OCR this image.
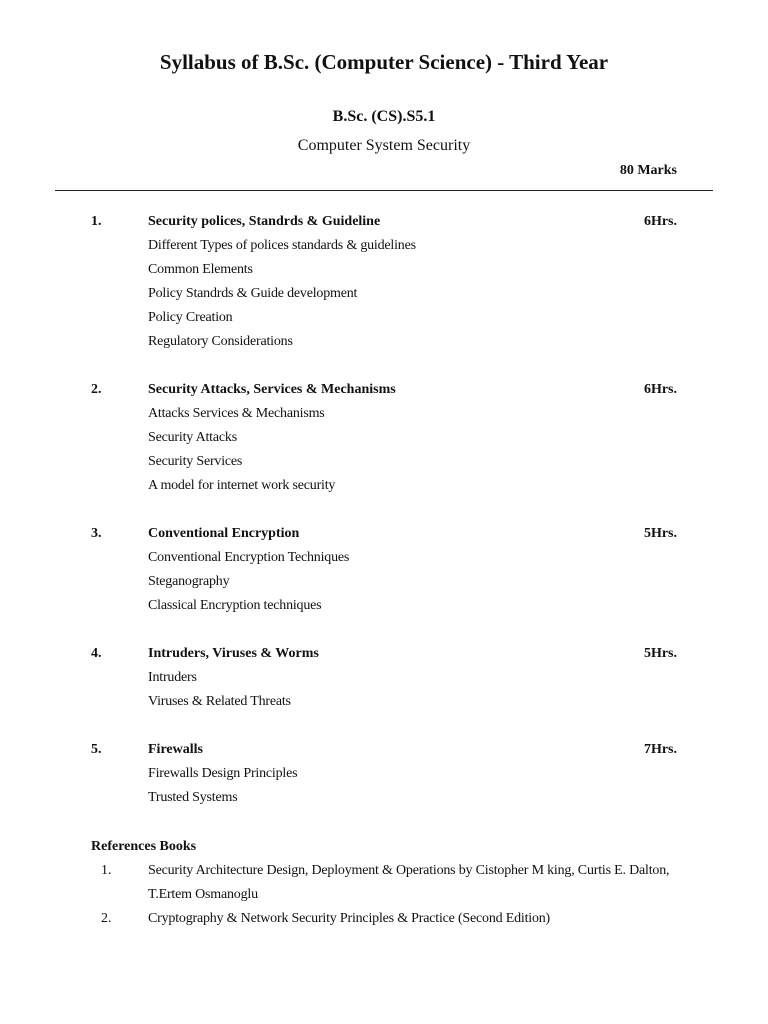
Syllabus of B.Sc. (Computer Science) - Third Year
B.Sc. (CS).S5.1
Computer System Security
80 Marks
1.	Security polices, Standrds & Guideline	6Hrs.
Different Types of polices standards & guidelines
Common Elements
Policy Standrds & Guide development
Policy Creation
Regulatory Considerations
2.	Security Attacks, Services & Mechanisms	6Hrs.
Attacks Services & Mechanisms
Security Attacks
Security Services
A model for internet work security
3.	Conventional Encryption	5Hrs.
Conventional Encryption Techniques
Steganography
Classical Encryption techniques
4.	Intruders, Viruses & Worms	5Hrs.
Intruders
Viruses & Related Threats
5.	Firewalls	7Hrs.
Firewalls Design Principles
Trusted Systems
References Books
1.	Security Architecture Design, Deployment & Operations by Cistopher M king, Curtis E. Dalton, T.Ertem Osmanoglu
2.	Cryptography & Network Security Principles & Practice (Second Edition)
